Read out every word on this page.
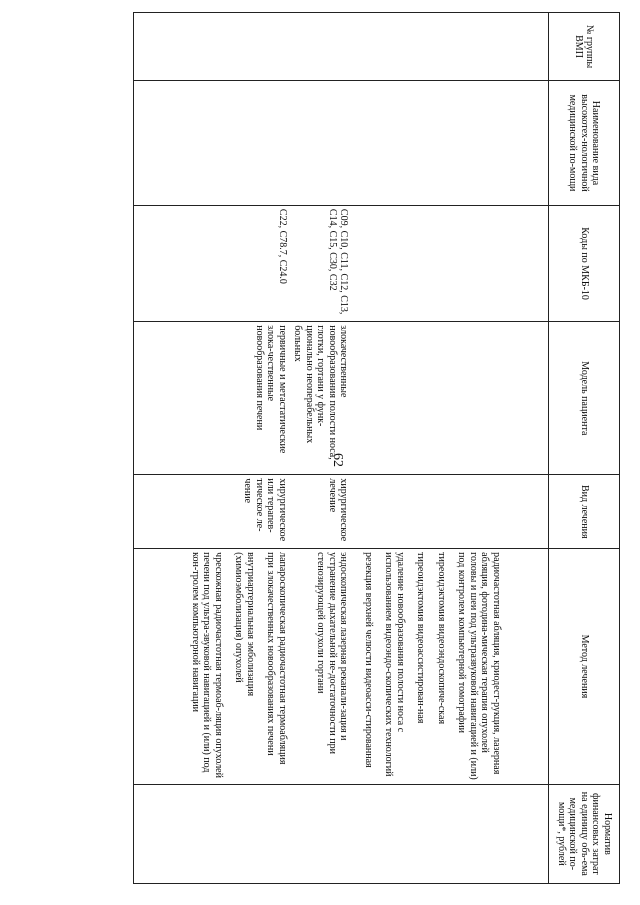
62
№ группы ВМП	Наименование вида высокотех-нологичной медицинской по-мощи	Коды по МКБ-10	Модель пациента	Вид лечения	Метод лечения	Норматив финансовых затрат на единицу объ-ема медицинской по-мощи*, рублей

					радиочастотная абляция, криодест-рукция, лазерная абляция, фотодина-мическая терапия опухолей головы и шеи под ультразвуковой навигацией и (или) под контролем компьютерной томографии
тиреоидэктомия видеоэндоскопиче-ская
тиреоидэктомия видеоассистирован-ная
удаление новообразования полости носа с использованием видеоэндо-скопических технологий
резекция верхней челюсти видеоасси-стированная	

		C09, C10, C11, C12, C13, C14, C15, C30, C32	злокачественные новообразования полости носа, глотки, гортани у функ-ционально неоперабельных больных	хирургическое лечение	эндоскопическая лазерная реканали-зация и устранение дыхательной не-достаточности при стенозирующей опухоли гортани	

		C22, C78.7, C24.0	первичные и метастатические злока-чественные новообразования печени	хирургическое или терапев-тическое ле-чение	лапароскопическая радиочастотная термоабляция при злокачественных новообразованиях печени
внутриартериальная эмболизация (химиоэмболизация) опухолей
чрескожная радиочастотная термоаб-ляция опухолей печени под ультра-звуковой навигацией и (или) под кон-тролем компьютерной навигации	
